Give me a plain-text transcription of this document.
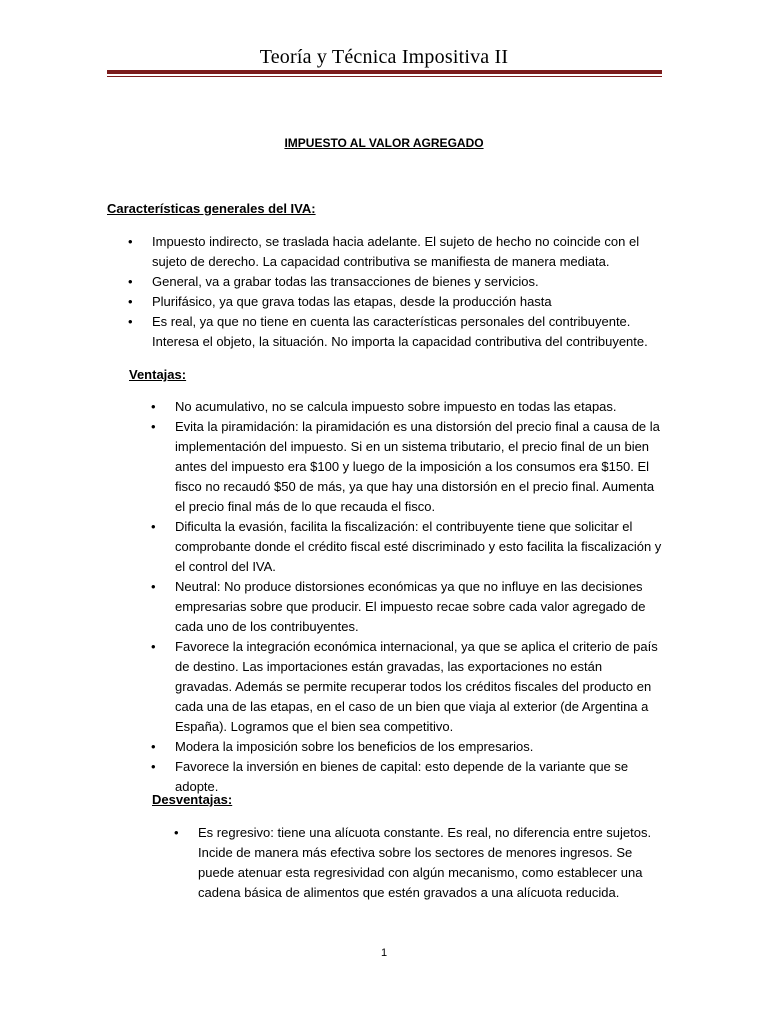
Teoría y Técnica Impositiva II
IMPUESTO AL VALOR AGREGADO
Características generales del IVA:
• Impuesto indirecto, se traslada hacia adelante. El sujeto de hecho no coincide con el sujeto de derecho. La capacidad contributiva se manifiesta de manera mediata.
• General, va a grabar todas las transacciones de bienes y servicios.
• Plurifásico, ya que grava todas las etapas, desde la producción hasta
• Es real, ya que no tiene en cuenta las características personales del contribuyente. Interesa el objeto, la situación. No importa la capacidad contributiva del contribuyente.
Ventajas:
• No acumulativo, no se calcula impuesto sobre impuesto en todas las etapas.
• Evita la piramidación: la piramidación es una distorsión del precio final a causa de la implementación del impuesto. Si en un sistema tributario, el precio final de un bien antes del impuesto era $100 y luego de la imposición a los consumos era $150. El fisco no recaudó $50 de más, ya que hay una distorsión en el precio final. Aumenta el precio final más de lo que recauda el fisco.
• Dificulta la evasión, facilita la fiscalización: el contribuyente tiene que solicitar el comprobante donde el crédito fiscal esté discriminado y esto facilita la fiscalización y el control del IVA.
• Neutral: No produce distorsiones económicas ya que no influye en las decisiones empresarias sobre que producir. El impuesto recae sobre cada valor agregado de cada uno de los contribuyentes.
• Favorece la integración económica internacional, ya que se aplica el criterio de país de destino. Las importaciones están gravadas, las exportaciones no están gravadas. Además se permite recuperar todos los créditos fiscales del producto en cada una de las etapas, en el caso de un bien que viaja al exterior (de Argentina a España). Logramos que el bien sea competitivo.
• Modera la imposición sobre los beneficios de los empresarios.
• Favorece la inversión en bienes de capital: esto depende de la variante que se adopte.
Desventajas:
• Es regresivo: tiene una alícuota constante. Es real, no diferencia entre sujetos. Incide de manera más efectiva sobre los sectores de menores ingresos. Se puede atenuar esta regresividad con algún mecanismo, como establecer una cadena básica de alimentos que estén gravados a una alícuota reducida.
1
